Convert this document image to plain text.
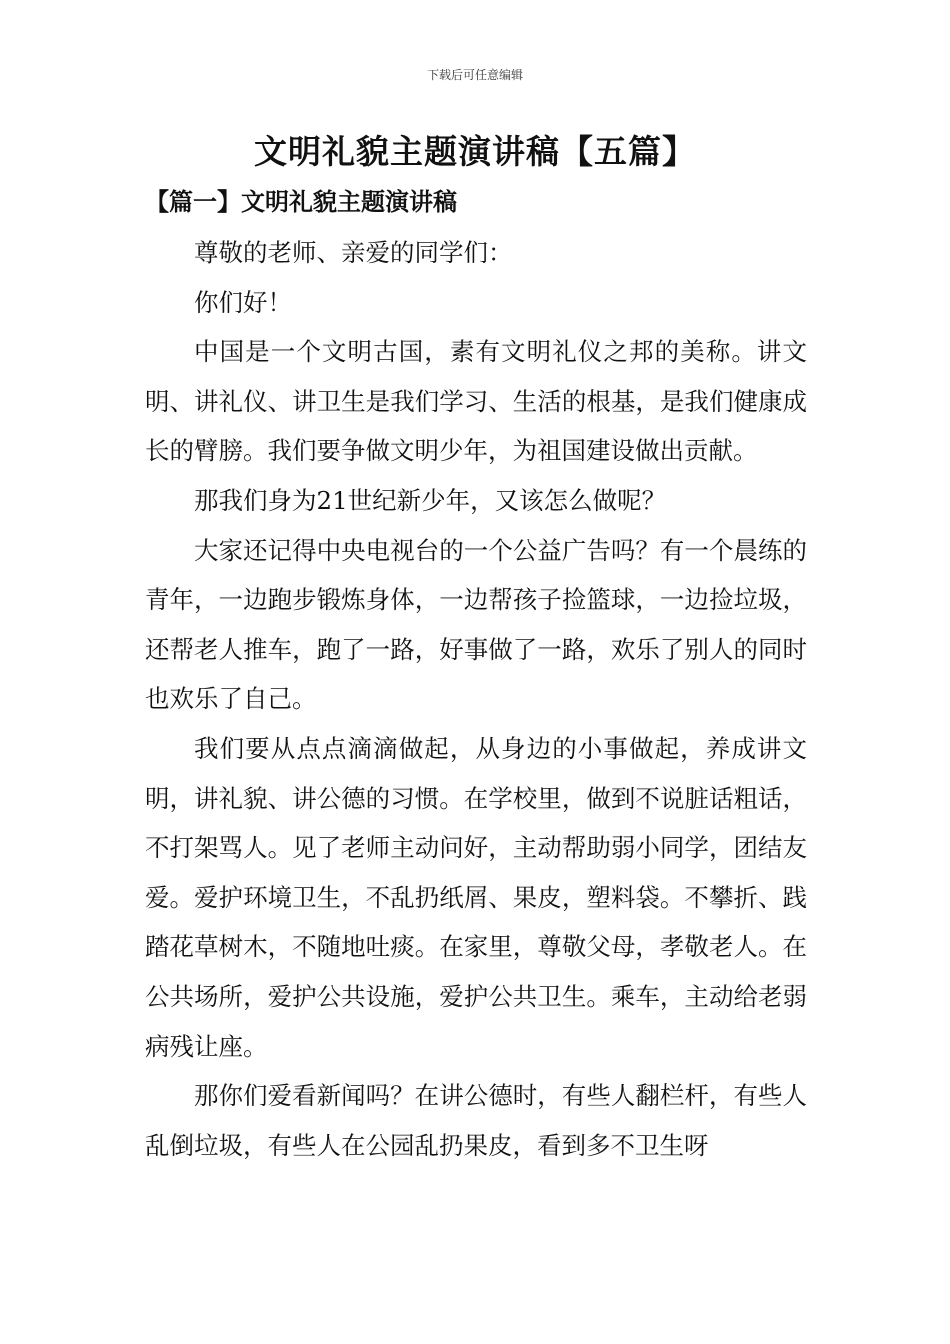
下载后可任意编辑
文明礼貌主题演讲稿【五篇】
【篇一】文明礼貌主题演讲稿

尊敬的老师、亲爱的同学们：

你们好！

中国是一个文明古国，素有文明礼仪之邦的美称。讲文明、讲礼仪、讲卫生是我们学习、生活的根基，是我们健康成长的臂膀。我们要争做文明少年，为祖国建设做出贡献。

那我们身为21世纪新少年，又该怎么做呢？

大家还记得中央电视台的一个公益广告吗？有一个晨练的青年，一边跑步锻炼身体，一边帮孩子捡篮球，一边捡垃圾，还帮老人推车，跑了一路，好事做了一路，欢乐了别人的同时也欢乐了自己。

我们要从点点滴滴做起，从身边的小事做起，养成讲文明，讲礼貌、讲公德的习惯。在学校里，做到不说脏话粗话，不打架骂人。见了老师主动问好，主动帮助弱小同学，团结友爱。爱护环境卫生，不乱扔纸屑、果皮，塑料袋。不攀折、践踏花草树木，不随地吐痰。在家里，尊敬父母，孝敬老人。在公共场所，爱护公共设施，爱护公共卫生。乘车，主动给老弱病残让座。

那你们爱看新闻吗？在讲公德时，有些人翻栏杆，有些人乱倒垃圾，有些人在公园乱扔果皮，看到多不卫生呀
